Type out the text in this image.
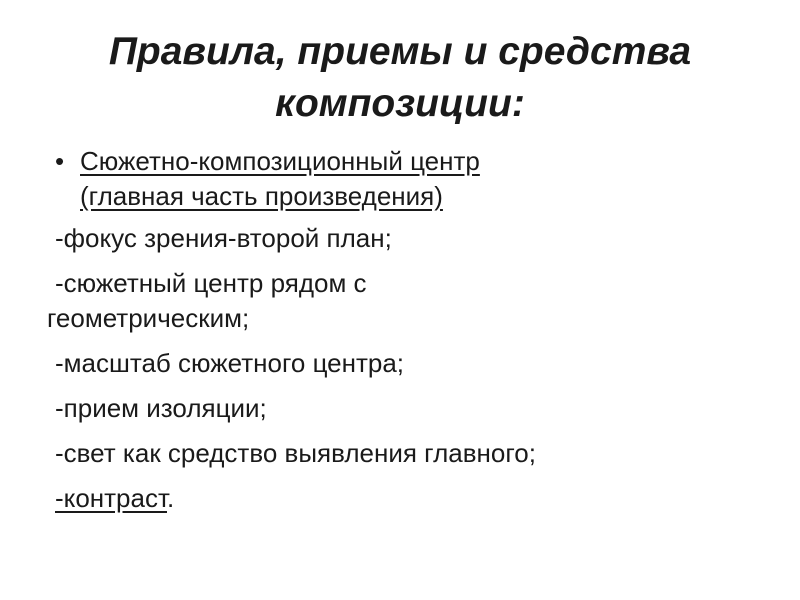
Правила, приемы и средства
композиции:
• Сюжетно-композиционный центр
(главная часть произведения)
-фокус зрения-второй план;
-сюжетный центр рядом с
геометрическим;
-масштаб сюжетного центра;
-прием изоляции;
-свет как средство выявления главного;
-контраст.
